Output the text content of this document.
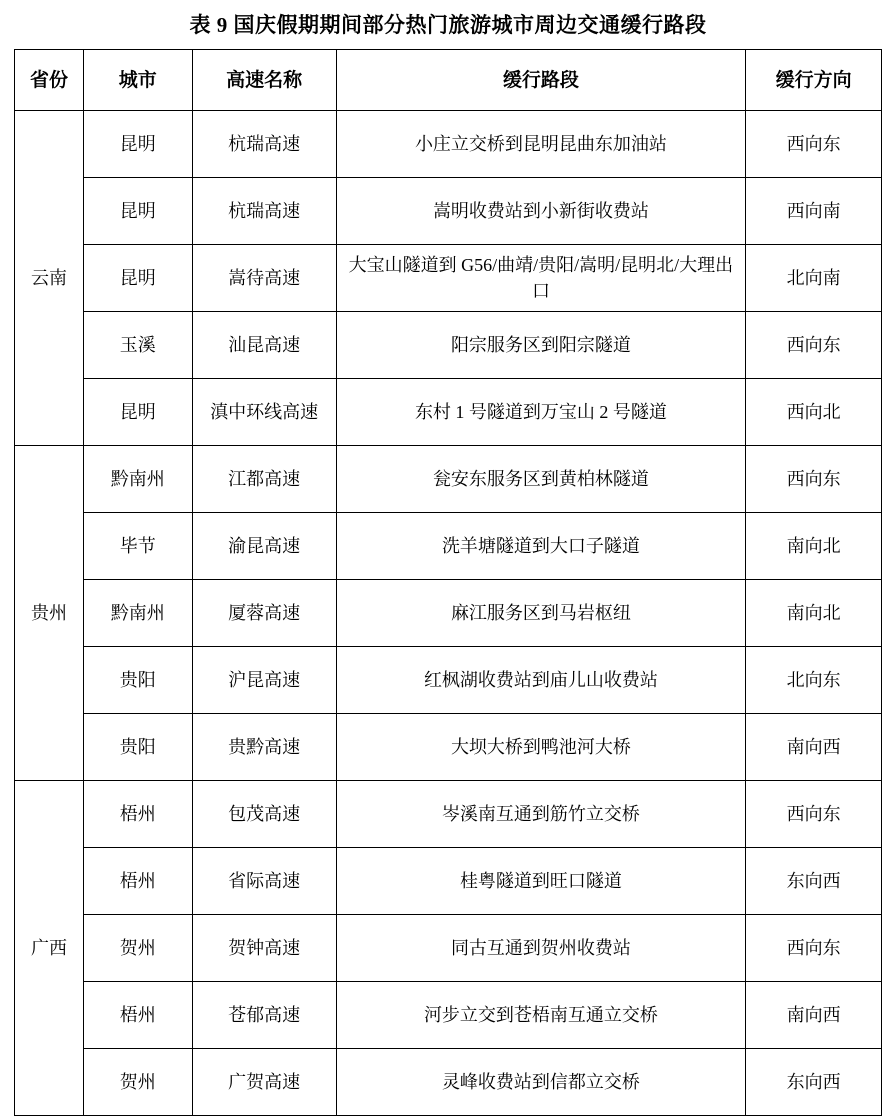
表 9 国庆假期期间部分热门旅游城市周边交通缓行路段
省份	城市	高速名称	缓行路段	缓行方向
云南	昆明	杭瑞高速	小庄立交桥到昆明昆曲东加油站	西向东
	昆明	杭瑞高速	嵩明收费站到小新街收费站	西向南
	昆明	嵩待高速	大宝山隧道到 G56/曲靖/贵阳/嵩明/昆明北/大理出口	北向南
	玉溪	汕昆高速	阳宗服务区到阳宗隧道	西向东
	昆明	滇中环线高速	东村 1 号隧道到万宝山 2 号隧道	西向北
贵州	黔南州	江都高速	瓮安东服务区到黄柏林隧道	西向东
	毕节	渝昆高速	洗羊塘隧道到大口子隧道	南向北
	黔南州	厦蓉高速	麻江服务区到马岩枢纽	南向北
	贵阳	沪昆高速	红枫湖收费站到庙儿山收费站	北向东
	贵阳	贵黔高速	大坝大桥到鸭池河大桥	南向西
广西	梧州	包茂高速	岑溪南互通到筋竹立交桥	西向东
	梧州	省际高速	桂粤隧道到旺口隧道	东向西
	贺州	贺钟高速	同古互通到贺州收费站	西向东
	梧州	苍郁高速	河步立交到苍梧南互通立交桥	南向西
	贺州	广贺高速	灵峰收费站到信都立交桥	东向西
